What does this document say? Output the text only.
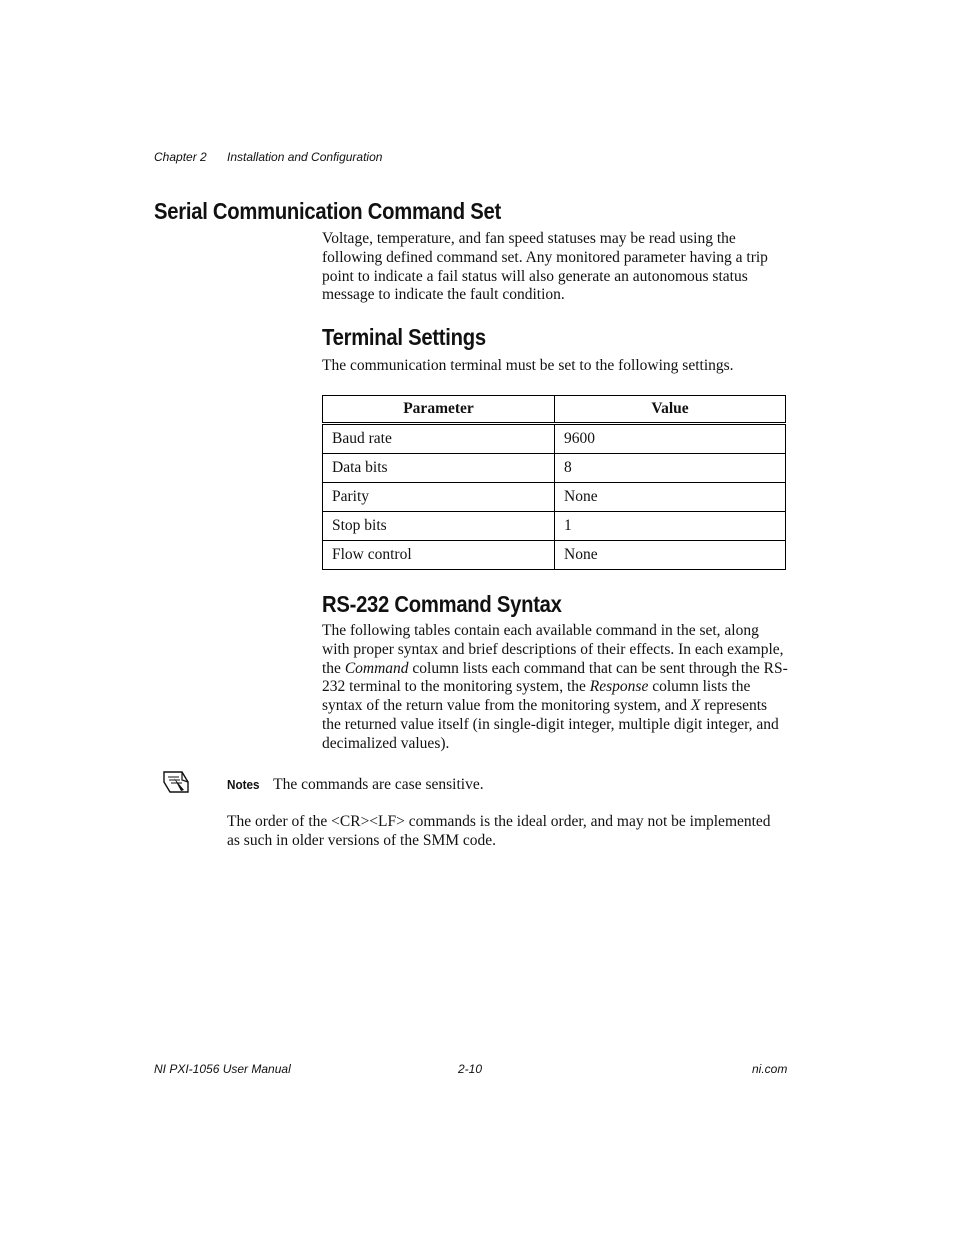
Chapter 2 Installation and Configuration
Serial Communication Command Set

Voltage, temperature, and fan speed statuses may be read using the following defined command set. Any monitored parameter having a trip point to indicate a fail status will also generate an autonomous status message to indicate the fault condition.

Terminal Settings

The communication terminal must be set to the following settings.

Parameter	Value
Baud rate	9600
Data bits	8
Parity	None
Stop bits	1
Flow control	None
RS-232 Command Syntax

The following tables contain each available command in the set, along with proper syntax and brief descriptions of their effects. In each example, the Command column lists each command that can be sent through the RS-232 terminal to the monitoring system, the Response column lists the syntax of the return value from the monitoring system, and X represents the returned value itself (in single-digit integer, multiple digit integer, and decimalized values).

Notes The commands are case sensitive.

The order of the <CR><LF> commands is the ideal order, and may not be implemented as such in older versions of the SMM code.

NI PXI-1056 User Manual	2-10	ni.com
